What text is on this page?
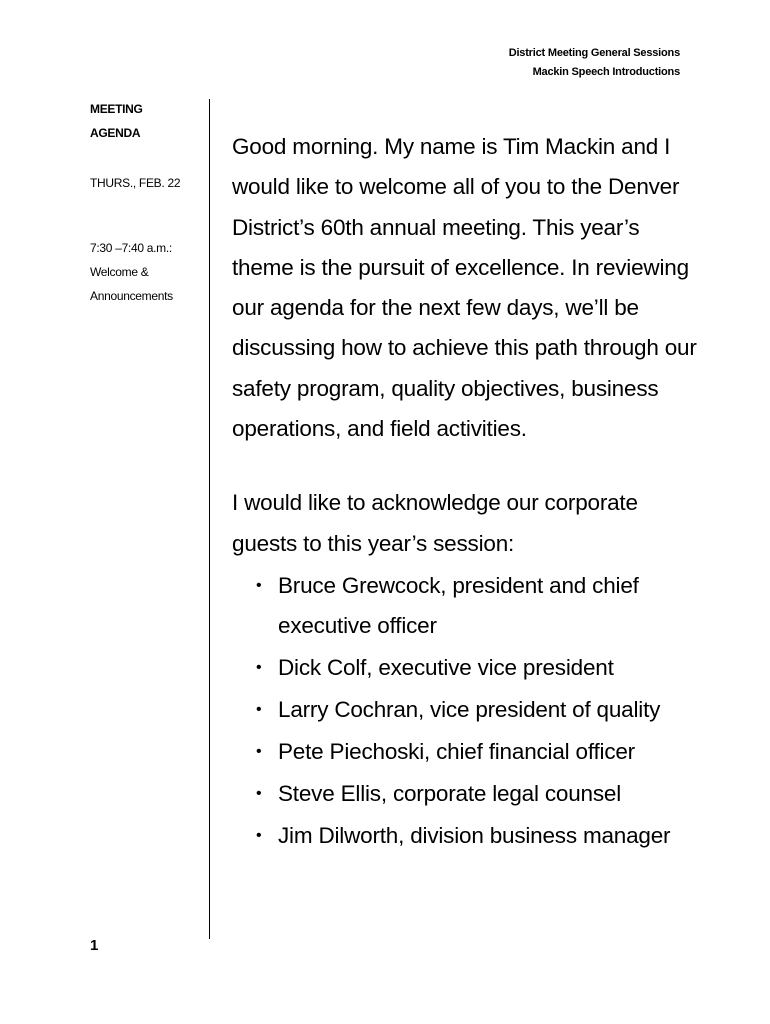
District Meeting General Sessions
Mackin Speech Introductions
MEETING
AGENDA
THURS., FEB. 22
7:30 –7:40 a.m.:
Welcome &
Announcements

Good morning. My name is Tim Mackin and I would like to welcome all of you to the Denver District’s 60th annual meeting. This year’s theme is the pursuit of excellence. In reviewing our agenda for the next few days, we’ll be discussing how to achieve this path through our safety program, quality objectives, business operations, and field activities.

I would like to acknowledge our corporate guests to this year’s session:

• Bruce Grewcock, president and chief executive officer
• Dick Colf, executive vice president
• Larry Cochran, vice president of quality
• Pete Piechoski, chief financial officer
• Steve Ellis, corporate legal counsel
• Jim Dilworth, division business manager
1
